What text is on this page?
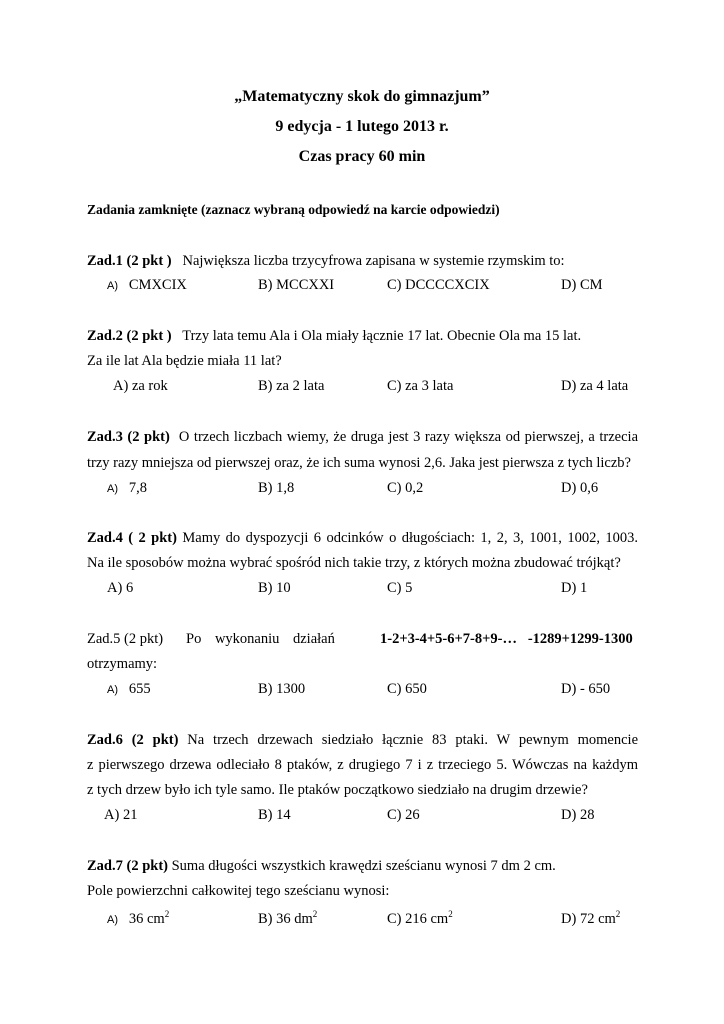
„Matematyczny skok do gimnazjum”
9 edycja - 1 lutego 2013 r.
Czas pracy 60 min
Zadania zamknięte (zaznacz wybraną odpowiedź na karcie odpowiedzi)
Zad.1 (2 pkt ) Największa liczba trzycyfrowa zapisana w systemie rzymskim to:
A) CMXCIX	B) MCCXXI	C) DCCCCXCIX	D) CM
Zad.2 (2 pkt ) Trzy lata temu Ala i Ola miały łącznie 17 lat. Obecnie Ola ma 15 lat.
Za ile lat Ala będzie miała 11 lat?
A) za rok	B) za 2 lata	C) za 3 lata	D) za 4 lata
Zad.3 (2 pkt) O trzech liczbach wiemy, że druga jest 3 razy większa od pierwszej, a trzecia
trzy razy mniejsza od pierwszej oraz, że ich suma wynosi 2,6. Jaka jest pierwsza z tych liczb?
A) 7,8	B) 1,8	C) 0,2	D) 0,6
Zad.4 ( 2 pkt) Mamy do dyspozycji 6 odcinków o długościach: 1, 2, 3, 1001, 1002, 1003.
Na ile sposobów można wybrać spośród nich takie trzy, z których można zbudować trójkąt?
A) 6	B) 10	C) 5	D) 1
Zad.5 (2 pkt) Po wykonaniu działań	1-2+3-4+5-6+7-8+9-…   -1289+1299-1300
otrzymamy:
A) 655	B) 1300	C) 650	D) - 650
Zad.6 (2 pkt) Na trzech drzewach siedziało łącznie 83 ptaki. W pewnym momencie
z pierwszego drzewa odleciało 8 ptaków, z drugiego 7 i z trzeciego 5. Wówczas na każdym
z tych drzew było ich tyle samo. Ile ptaków początkowo siedziało na drugim drzewie?
A) 21	B) 14	C) 26	D) 28
Zad.7 (2 pkt) Suma długości wszystkich krawędzi sześcianu wynosi 7 dm 2 cm.
Pole powierzchni całkowitej tego sześcianu wynosi:
A) 36 $cm^2$	B) 36 $dm^2$	C) 216 $cm^2$	D) 72 $cm^2$
